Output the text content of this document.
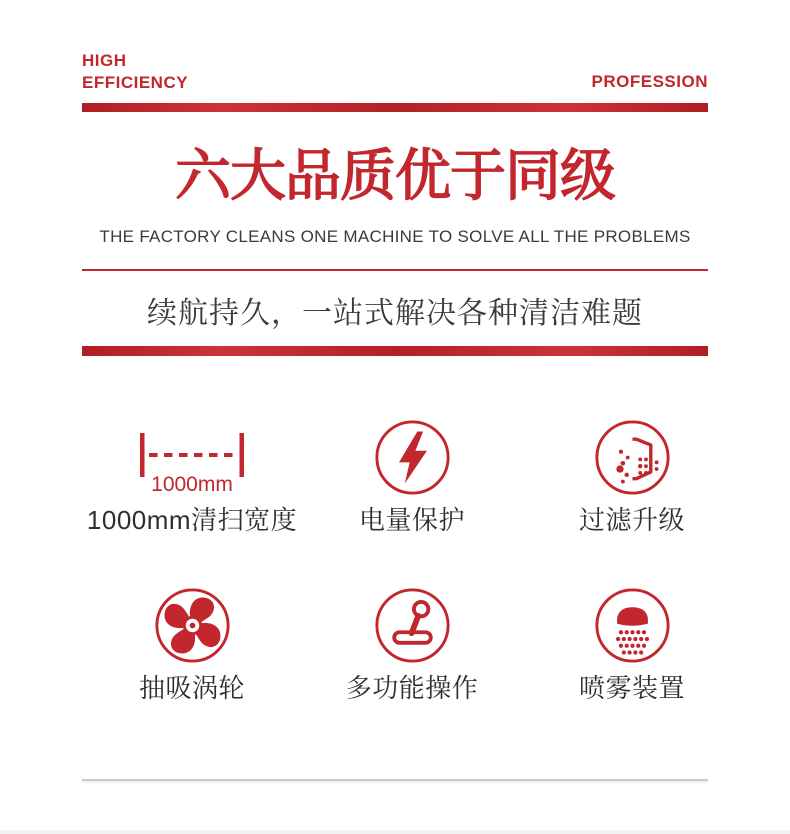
HIGH
EFFICIENCY	PROFESSION
六大品质优于同级
THE FACTORY CLEANS ONE MACHINE TO SOLVE ALL THE PROBLEMS
续航持久，一站式解决各种清洁难题
1000mm
1000mm清扫宽度 电量保护	过滤升级
抽吸涡轮	多功能操作	喷雾装置
